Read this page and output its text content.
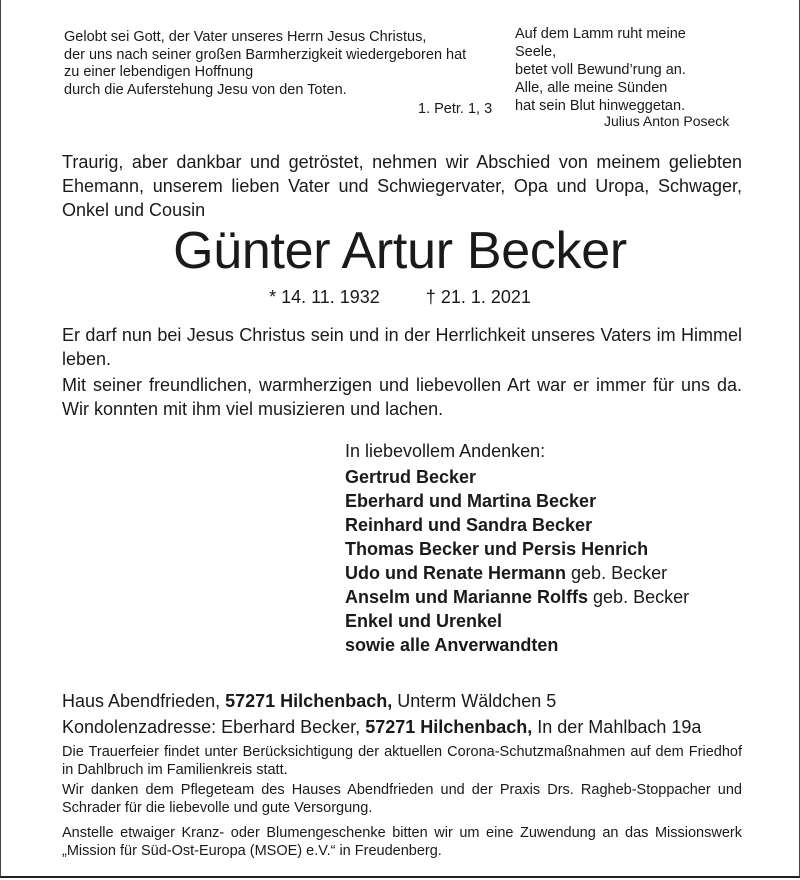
Gelobt sei Gott, der Vater unseres Herrn Jesus Christus,
der uns nach seiner großen Barmherzigkeit wiedergeboren hat
zu einer lebendigen Hoffnung
durch die Auferstehung Jesu von den Toten.
1. Petr. 1, 3
Auf dem Lamm ruht meine
Seele,
betet voll Bewund’rung an.
Alle, alle meine Sünden
hat sein Blut hinweggetan.
Julius Anton Poseck
Traurig, aber dankbar und getröstet, nehmen wir Abschied von meinem geliebten Ehemann, unserem lieben Vater und Schwiegervater, Opa und Uropa, Schwager, Onkel und Cousin
Günter Artur Becker
* 14. 11. 1932	† 21. 1. 2021
Er darf nun bei Jesus Christus sein und in der Herrlichkeit unseres Vaters im Himmel leben.
Mit seiner freundlichen, warmherzigen und liebevollen Art war er immer für uns da. Wir konnten mit ihm viel musizieren und lachen.
In liebevollem Andenken:
Gertrud Becker
Eberhard und Martina Becker
Reinhard und Sandra Becker
Thomas Becker und Persis Henrich
Udo und Renate Hermann geb. Becker
Anselm und Marianne Rolffs geb. Becker
Enkel und Urenkel
sowie alle Anverwandten
Haus Abendfrieden, 57271 Hilchenbach, Unterm Wäldchen 5
Kondolenzadresse: Eberhard Becker, 57271 Hilchenbach, In der Mahlbach 19a
Die Trauerfeier findet unter Berücksichtigung der aktuellen Corona-Schutzmaßnahmen auf dem Friedhof in Dahlbruch im Familienkreis statt.
Wir danken dem Pflegeteam des Hauses Abendfrieden und der Praxis Drs. Ragheb-Stoppacher und Schrader für die liebevolle und gute Versorgung.
Anstelle etwaiger Kranz- oder Blumengeschenke bitten wir um eine Zuwendung an das Missionswerk „Mission für Süd-Ost-Europa (MSOE) e.V.“ in Freudenberg.
